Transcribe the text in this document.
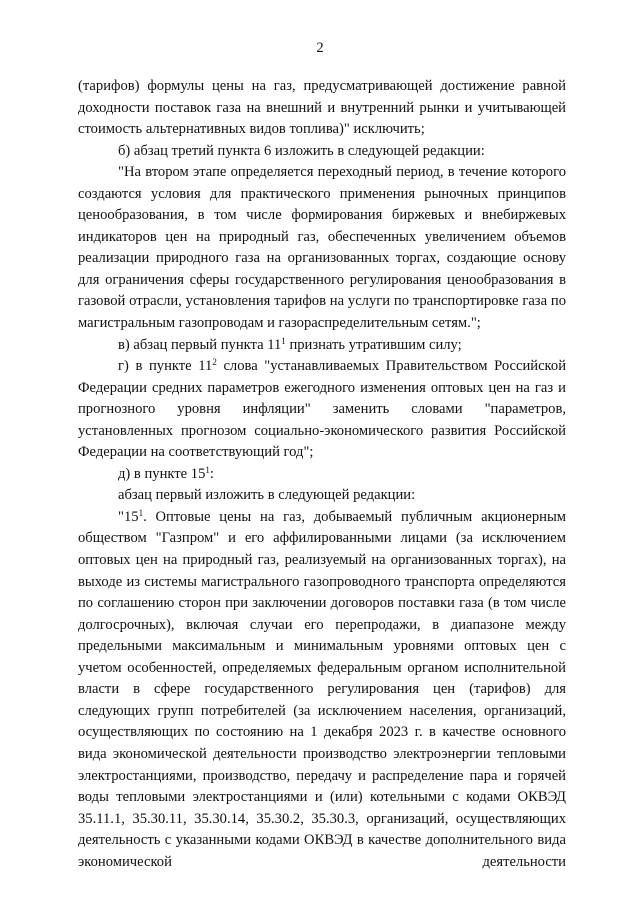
2

(тарифов) формулы цены на газ, предусматривающей достижение равной доходности поставок газа на внешний и внутренний рынки и учитывающей стоимость альтернативных видов топлива)" исключить;

б) абзац третий пункта 6 изложить в следующей редакции:

"На втором этапе определяется переходный период, в течение которого создаются условия для практического применения рыночных принципов ценообразования, в том числе формирования биржевых и внебиржевых индикаторов цен на природный газ, обеспеченных увеличением объемов реализации природного газа на организованных торгах, создающие основу для ограничения сферы государственного регулирования ценообразования в газовой отрасли, установления тарифов на услуги по транспортировке газа по магистральным газопроводам и газораспределительным сетям.";

в) абзац первый пункта $11^1$ признать утратившим силу;

г) в пункте $11^2$ слова "устанавливаемых Правительством Российской Федерации средних параметров ежегодного изменения оптовых цен на газ и прогнозного уровня инфляции" заменить словами "параметров, установленных прогнозом социально-экономического развития Российской Федерации на соответствующий год";

д) в пункте $15^1$:

абзац первый изложить в следующей редакции:

"$15^1$. Оптовые цены на газ, добываемый публичным акционерным обществом "Газпром" и его аффилированными лицами (за исключением оптовых цен на природный газ, реализуемый на организованных торгах), на выходе из системы магистрального газопроводного транспорта определяются по соглашению сторон при заключении договоров поставки газа (в том числе долгосрочных), включая случаи его перепродажи, в диапазоне между предельными максимальным и минимальным уровнями оптовых цен с учетом особенностей, определяемых федеральным органом исполнительной власти в сфере государственного регулирования цен (тарифов) для следующих групп потребителей (за исключением населения, организаций, осуществляющих по состоянию на 1 декабря 2023 г. в качестве основного вида экономической деятельности производство электроэнергии тепловыми электростанциями, производство, передачу и распределение пара и горячей воды тепловыми электростанциями и (или) котельными с кодами ОКВЭД 35.11.1, 35.30.11, 35.30.14, 35.30.2, 35.30.3, организаций, осуществляющих деятельность с указанными кодами ОКВЭД в качестве дополнительного вида экономической деятельности
